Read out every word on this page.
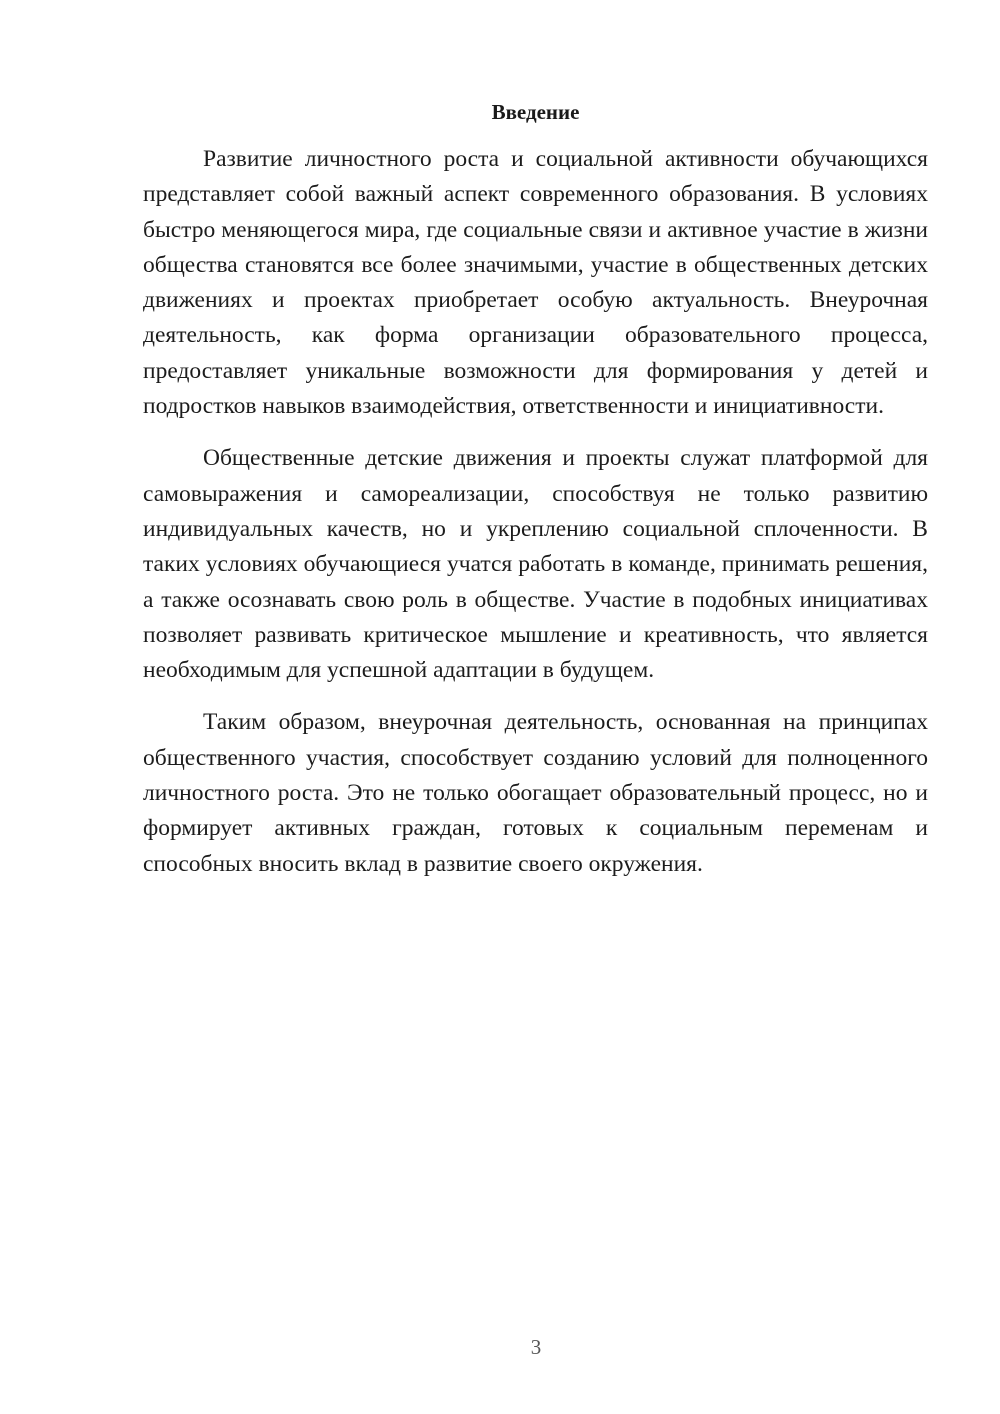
Введение

Развитие личностного роста и социальной активности обучающихся представляет собой важный аспект современного образования. В условиях быстро меняющегося мира, где социальные связи и активное участие в жизни общества становятся все более значимыми, участие в общественных детских движениях и проектах приобретает особую актуальность. Внеурочная деятельность, как форма организации образовательного процесса, предоставляет уникальные возможности для формирования у детей и подростков навыков взаимодействия, ответственности и инициативности.

Общественные детские движения и проекты служат платформой для самовыражения и самореализации, способствуя не только развитию индивидуальных качеств, но и укреплению социальной сплоченности. В таких условиях обучающиеся учатся работать в команде, принимать решения, а также осознавать свою роль в обществе. Участие в подобных инициативах позволяет развивать критическое мышление и креативность, что является необходимым для успешной адаптации в будущем.

Таким образом, внеурочная деятельность, основанная на принципах общественного участия, способствует созданию условий для полноценного личностного роста. Это не только обогащает образовательный процесс, но и формирует активных граждан, готовых к социальным переменам и способных вносить вклад в развитие своего окружения.

3
